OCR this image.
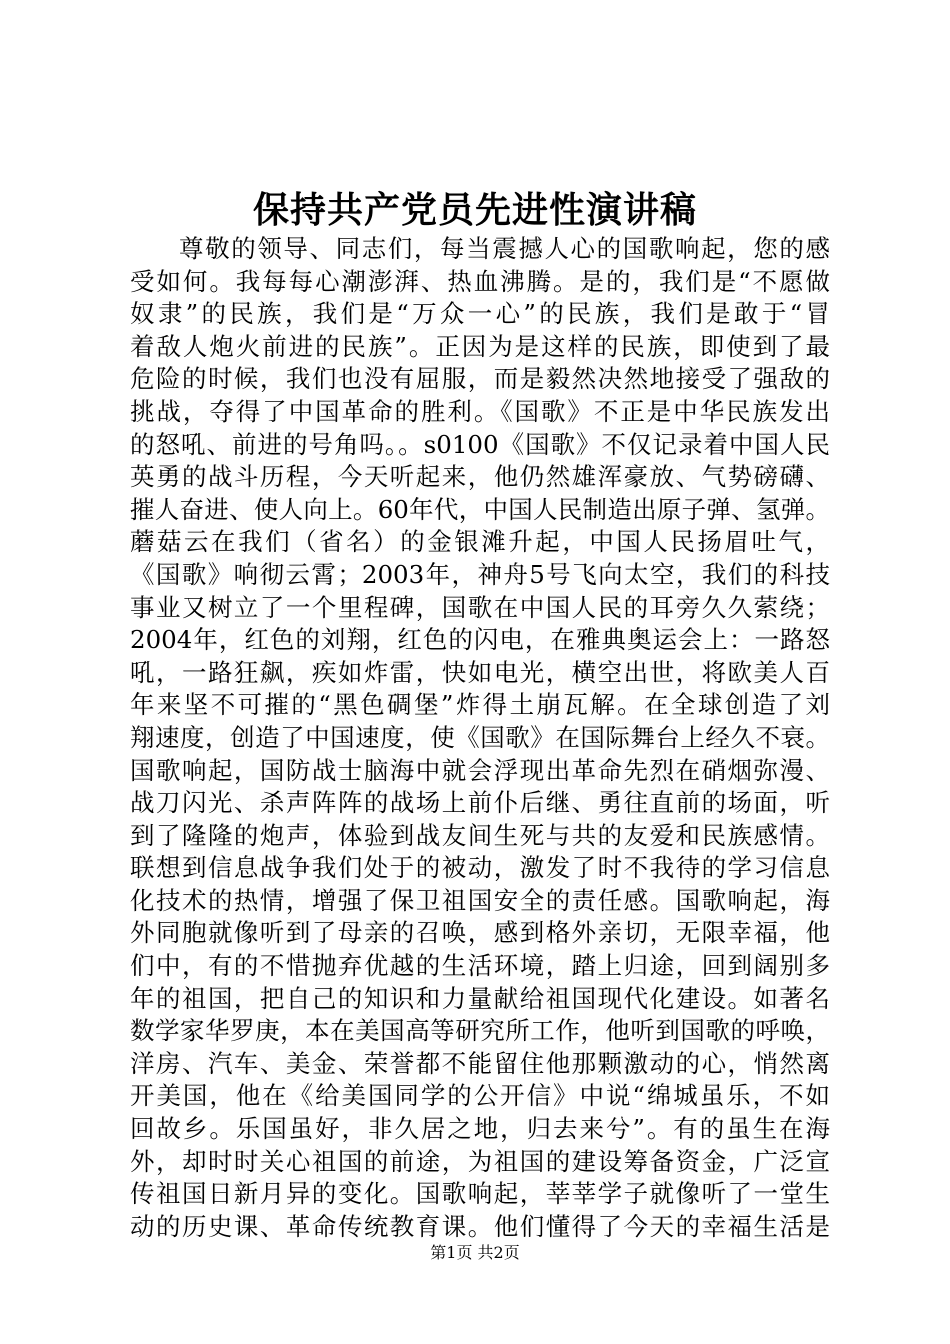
保持共产党员先进性演讲稿
尊敬的领导、同志们，每当震撼人心的国歌响起，您的感
受如何。我每每心潮澎湃、热血沸腾。是的，我们是“不愿做
奴隶”的民族，我们是“万众一心”的民族，我们是敢于“冒
着敌人炮火前进的民族”。正因为是这样的民族，即使到了最
危险的时候，我们也没有屈服，而是毅然决然地接受了强敌的
挑战，夺得了中国革命的胜利。《国歌》不正是中华民族发出
的怒吼、前进的号角吗。。s0100《国歌》不仅记录着中国人民
英勇的战斗历程，今天听起来，他仍然雄浑豪放、气势磅礴、
摧人奋进、使人向上。60年代，中国人民制造出原子弹、氢弹。
蘑菇云在我们（省名）的金银滩升起，中国人民扬眉吐气，
《国歌》响彻云霄；2003年，神舟5号飞向太空，我们的科技
事业又树立了一个里程碑，国歌在中国人民的耳旁久久萦绕；
2004年，红色的刘翔，红色的闪电，在雅典奥运会上：一路怒
吼，一路狂飙，疾如炸雷，快如电光，横空出世，将欧美人百
年来坚不可摧的“黑色碉堡”炸得土崩瓦解。在全球创造了刘
翔速度，创造了中国速度，使《国歌》在国际舞台上经久不衰。
国歌响起，国防战士脑海中就会浮现出革命先烈在硝烟弥漫、
战刀闪光、杀声阵阵的战场上前仆后继、勇往直前的场面，听
到了隆隆的炮声，体验到战友间生死与共的友爱和民族感情。
联想到信息战争我们处于的被动，激发了时不我待的学习信息
化技术的热情，增强了保卫祖国安全的责任感。国歌响起，海
外同胞就像听到了母亲的召唤，感到格外亲切，无限幸福，他
们中，有的不惜抛弃优越的生活环境，踏上归途，回到阔别多
年的祖国，把自己的知识和力量献给祖国现代化建设。如著名
数学家华罗庚，本在美国高等研究所工作，他听到国歌的呼唤，
洋房、汽车、美金、荣誉都不能留住他那颗激动的心，悄然离
开美国，他在《给美国同学的公开信》中说“绵城虽乐，不如
回故乡。乐国虽好，非久居之地，归去来兮”。有的虽生在海
外，却时时关心祖国的前途，为祖国的建设筹备资金，广泛宣
传祖国日新月异的变化。国歌响起，莘莘学子就像听了一堂生
动的历史课、革命传统教育课。他们懂得了今天的幸福生活是
第1页 共2页
